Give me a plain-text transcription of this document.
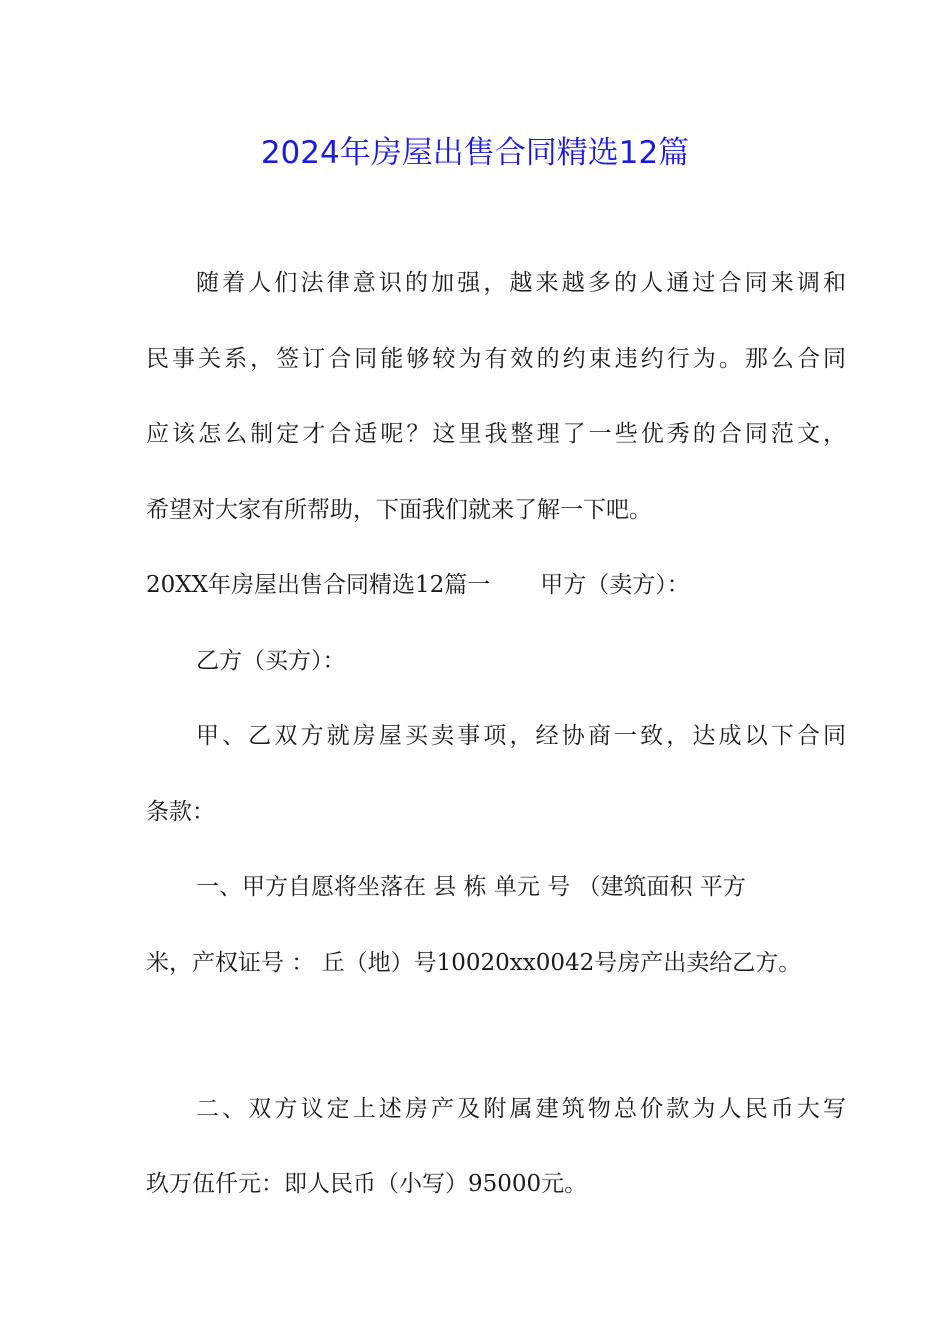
2024年房屋出售合同精选12篇
随着人们法律意识的加强，越来越多的人通过合同来调和
民事关系，签订合同能够较为有效的约束违约行为。那么合同
应该怎么制定才合适呢？这里我整理了一些优秀的合同范文，
希望对大家有所帮助，下面我们就来了解一下吧。
20XX年房屋出售合同精选12篇一 甲方（卖方）：
乙方（买方）：
甲、乙双方就房屋买卖事项，经协商一致，达成以下合同
条款：
一、甲方自愿将坐落在 县 栋 单元 号 （建筑面积 平方
米，产权证号 ： 丘（地）号10020xx0042号房产出卖给乙方。
二、双方议定上述房产及附属建筑物总价款为人民币大写
玖万伍仟元：即人民币（小写）95000元。
